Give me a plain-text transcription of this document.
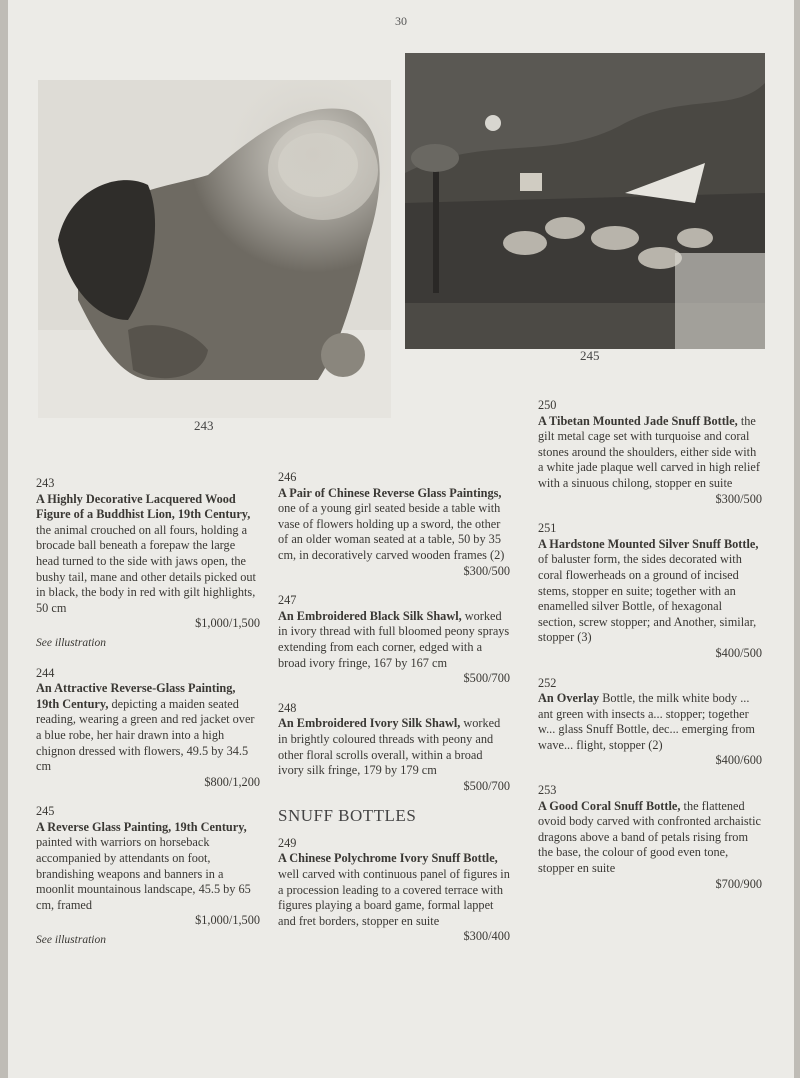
30
243
245
243
A Highly Decorative Lacquered Wood Figure of a Buddhist Lion, 19th Century, the animal crouched on all fours, holding a brocade ball beneath a forepaw the large head turned to the side with jaws open, the bushy tail, mane and other details picked out in black, the body in red with gilt highlights, 50 cm
$1,000/1,500
See illustration
244
An Attractive Reverse-Glass Painting, 19th Century, depicting a maiden seated reading, wearing a green and red jacket over a blue robe, her hair drawn into a high chignon dressed with flowers, 49.5 by 34.5 cm
$800/1,200
245
A Reverse Glass Painting, 19th Century, painted with warriors on horseback accompanied by attendants on foot, brandishing weapons and banners in a moonlit mountainous landscape, 45.5 by 65 cm, framed
$1,000/1,500
See illustration
246
A Pair of Chinese Reverse Glass Paintings, one of a young girl seated beside a table with vase of flowers holding up a sword, the other of an older woman seated at a table, 50 by 35 cm, in decoratively carved wooden frames (2)
$300/500
247
An Embroidered Black Silk Shawl, worked in ivory thread with full bloomed peony sprays extending from each corner, edged with a broad ivory fringe, 167 by 167 cm
$500/700
248
An Embroidered Ivory Silk Shawl, worked in brightly coloured threads with peony and other floral scrolls overall, within a broad ivory silk fringe, 179 by 179 cm
$500/700
SNUFF BOTTLES
249
A Chinese Polychrome Ivory Snuff Bottle, well carved with continuous panel of figures in a procession leading to a covered terrace with figures playing a board game, formal lappet and fret borders, stopper en suite
$300/400
250
A Tibetan Mounted Jade Snuff Bottle, the gilt metal cage set with turquoise and coral stones around the shoulders, either side with a white jade plaque well carved in high relief with a sinuous chilong, stopper en suite
$300/500
251
A Hardstone Mounted Silver Snuff Bottle, of baluster form, the sides decorated with coral flowerheads on a ground of incised stems, stopper en suite; together with an enamelled silver Bottle, of hexagonal section, screw stopper; and Another, similar, stopper (3)
$400/500
252
An Overlay Bottle, the milk white body ... ant green with insects a... stopper; together w... glass Snuff Bottle, dec... emerging from wave... flight, stopper (2)
$400/600
253
A Good Coral Snuff Bottle, the flattened ovoid body carved with confronted archaistic dragons above a band of petals rising from the base, the colour of good even tone, stopper en suite
$700/900
